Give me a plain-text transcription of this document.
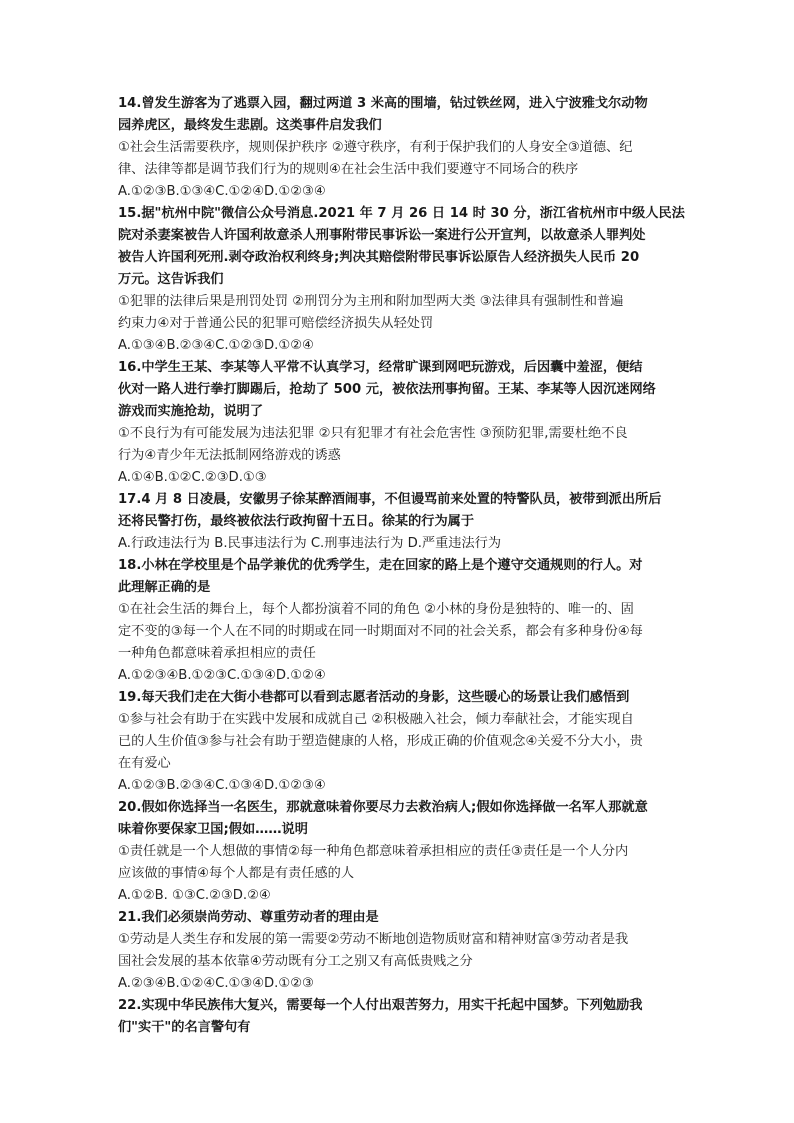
14.曾发生游客为了逃票入园，翻过两道 3 米高的围墙，钻过铁丝网，进入宁波雅戈尔动物
园养虎区，最终发生悲剧。这类事件启发我们
①社会生活需要秩序，规则保护秩序 ②遵守秩序，有利于保护我们的人身安全③道德、纪
律、法律等都是调节我们行为的规则④在社会生活中我们要遵守不同场合的秩序
A.①②③B.①③④C.①②④D.①②③④
15.据"杭州中院"微信公众号消息.2021 年 7 月 26 日 14 时 30 分，浙江省杭州市中级人民法
院对杀妻案被告人许国利故意杀人刑事附带民事诉讼一案进行公开宣判，以故意杀人罪判处
被告人许国利死刑.剥夺政治权利终身;判决其赔偿附带民事诉讼原告人经济损失人民币 20
万元。这告诉我们
①犯罪的法律后果是刑罚处罚 ②刑罚分为主刑和附加型两大类 ③法律具有强制性和普遍
约束力④对于普通公民的犯罪可赔偿经济损失从轻处罚
A.①③④B.②③④C.①②③D.①②④
16.中学生王某、李某等人平常不认真学习，经常旷课到网吧玩游戏，后因囊中羞涩，便结
伙对一路人进行拳打脚踢后，抢劫了 500 元，被依法刑事拘留。王某、李某等人因沉迷网络
游戏而实施抢劫，说明了
①不良行为有可能发展为违法犯罪 ②只有犯罪才有社会危害性 ③预防犯罪,需要杜绝不良
行为④青少年无法抵制网络游戏的诱惑
A.①④B.①②C.②③D.①③
17.4 月 8 日凌晨，安徽男子徐某醉酒闹事，不但谩骂前来处置的特警队员，被带到派出所后
还将民警打伤，最终被依法行政拘留十五日。徐某的行为属于
A.行政违法行为 B.民事违法行为 C.刑事违法行为 D.严重违法行为
18.小林在学校里是个品学兼优的优秀学生，走在回家的路上是个遵守交通规则的行人。对
此理解正确的是
①在社会生活的舞台上，每个人都扮演着不同的角色 ②小林的身份是独特的、唯一的、固
定不变的③每一个人在不同的时期或在同一时期面对不同的社会关系，都会有多种身份④每
一种角色都意味着承担相应的责任
A.①②③④B.①②③C.①③④D.①②④
19.每天我们走在大街小巷都可以看到志愿者活动的身影，这些暖心的场景让我们感悟到
①参与社会有助于在实践中发展和成就自己 ②积极融入社会，倾力奉献社会，才能实现自
已的人生价值③参与社会有助于塑造健康的人格，形成正确的价值观念④关爱不分大小，贵
在有爱心
A.①②③B.②③④C.①③④D.①②③④
20.假如你选择当一名医生，那就意味着你要尽力去救治病人;假如你选择做一名军人那就意
味着你要保家卫国;假如……说明
①责任就是一个人想做的事情②每一种角色都意味着承担相应的责任③责任是一个人分内
应该做的事情④每个人都是有责任感的人
A.①②B. ①③C.②③D.②④
21.我们必须崇尚劳动、尊重劳动者的理由是
①劳动是人类生存和发展的第一需要②劳动不断地创造物质财富和精神财富③劳动者是我
国社会发展的基本依靠④劳动既有分工之别又有高低贵贱之分
A.②③④B.①②④C.①③④D.①②③
22.实现中华民族伟大复兴，需要每一个人付出艰苦努力，用实干托起中国梦。下列勉励我
们"实干"的名言警句有
